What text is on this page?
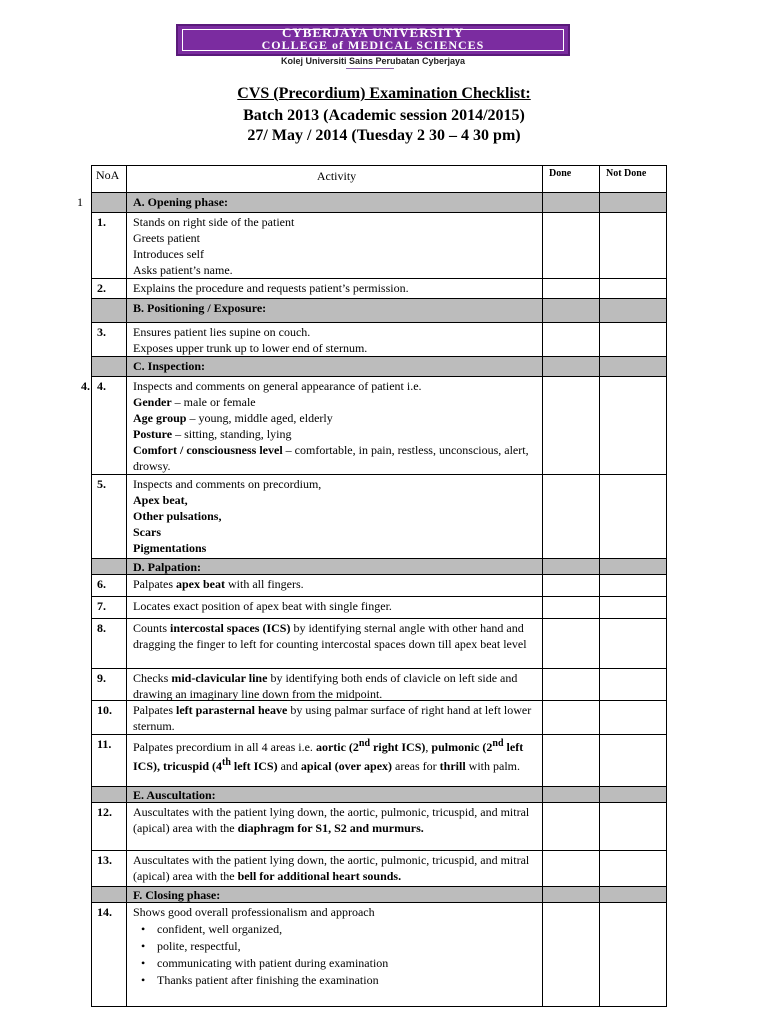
CYBERJAYA UNIVERSITY
COLLEGE of MEDICAL SCIENCES
Kolej Universiti Sains Perubatan Cyberjaya
CVS (Precordium) Examination Checklist:
Batch 2013 (Academic session 2014/2015)
27/ May / 2014 (Tuesday 2 30 – 4 30 pm)
NoA	Activity	Done	Not Done
1	A. Opening phase:
1.	Stands on right side of the patient
Greets patient
Introduces self
Asks patient’s name.
2.	Explains the procedure and requests patient’s permission.
B. Positioning / Exposure:
3.	Ensures patient lies supine on couch.
Exposes upper trunk up to lower end of sternum.
C. Inspection:
4. 4.	Inspects and comments on general appearance of patient i.e.
Gender – male or female
Age group – young, middle aged, elderly
Posture – sitting, standing, lying
Comfort / consciousness level – comfortable, in pain, restless, unconscious, alert, drowsy.
5.	Inspects and comments on precordium,
Apex beat,
Other pulsations,
Scars
Pigmentations
D. Palpation:
6.	Palpates apex beat with all fingers.
7.	Locates exact position of apex beat with single finger.
8.	Counts intercostal spaces (ICS) by identifying sternal angle with other hand and dragging the finger to left for counting intercostal spaces down till apex beat level
9.	Checks mid-clavicular line by identifying both ends of clavicle on left side and drawing an imaginary line down from the midpoint.
10.	Palpates left parasternal heave by using palmar surface of right hand at left lower sternum.
11.	Palpates precordium in all 4 areas i.e. aortic (2nd right ICS), pulmonic (2nd left ICS), tricuspid (4th left ICS) and apical (over apex) areas for thrill with palm.
E. Auscultation:
12.	Auscultates with the patient lying down, the aortic, pulmonic, tricuspid, and mitral (apical) area with the diaphragm for S1, S2 and murmurs.
13.	Auscultates with the patient lying down, the aortic, pulmonic, tricuspid, and mitral (apical) area with the bell for additional heart sounds.
F. Closing phase:
14.	Shows good overall professionalism and approach
• confident, well organized,
• polite, respectful,
• communicating with patient during examination
• Thanks patient after finishing the examination
